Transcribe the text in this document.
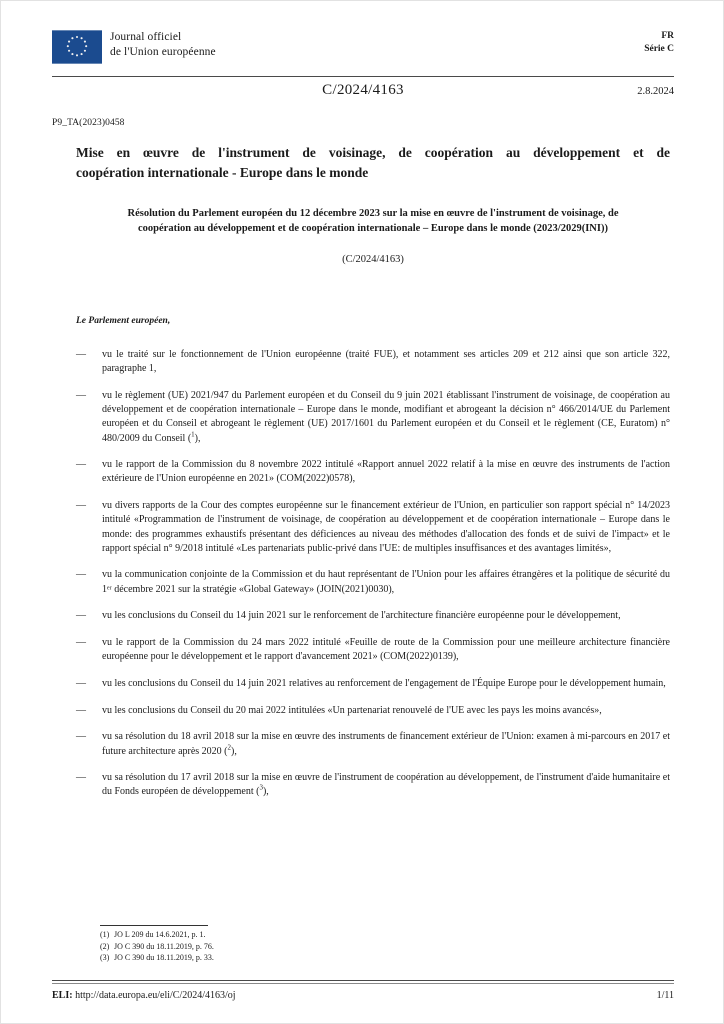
Journal officiel
de l'Union européenne
FR
Série C
C/2024/4163	2.8.2024
P9_TA(2023)0458
Mise en œuvre de l'instrument de voisinage, de coopération au développement et de
coopération internationale - Europe dans le monde
Résolution du Parlement européen du 12 décembre 2023 sur la mise en œuvre de l'instrument de voisinage, de
coopération au développement et de coopération internationale – Europe dans le monde (2023/2029(INI))
(C/2024/4163)
Le Parlement européen,
—	vu le traité sur le fonctionnement de l'Union européenne (traité FUE), et notamment ses articles 209 et 212 ainsi que son article 322, paragraphe 1,
—	vu le règlement (UE) 2021/947 du Parlement européen et du Conseil du 9 juin 2021 établissant l'instrument de voisinage, de coopération au développement et de coopération internationale – Europe dans le monde, modifiant et abrogeant la décision n° 466/2014/UE du Parlement européen et du Conseil et abrogeant le règlement (UE) 2017/1601 du Parlement européen et du Conseil et le règlement (CE, Euratom) n° 480/2009 du Conseil ($^1$),
—	vu le rapport de la Commission du 8 novembre 2022 intitulé «Rapport annuel 2022 relatif à la mise en œuvre des instruments de l'action extérieure de l'Union européenne en 2021» (COM(2022)0578),
—	vu divers rapports de la Cour des comptes européenne sur le financement extérieur de l'Union, en particulier son rapport spécial n° 14/2023 intitulé «Programmation de l'instrument de voisinage, de coopération au développement et de coopération internationale – Europe dans le monde: des programmes exhaustifs présentant des déficiences au niveau des méthodes d'allocation des fonds et de suivi de l'impact» et le rapport spécial n° 9/2018 intitulé «Les partenariats public-privé dans l'UE: de multiples insuffisances et des avantages limités»,
—	vu la communication conjointe de la Commission et du haut représentant de l'Union pour les affaires étrangères et la politique de sécurité du 1ᵉʳ décembre 2021 sur la stratégie «Global Gateway» (JOIN(2021)0030),
—	vu les conclusions du Conseil du 14 juin 2021 sur le renforcement de l'architecture financière européenne pour le développement,
—	vu le rapport de la Commission du 24 mars 2022 intitulé «Feuille de route de la Commission pour une meilleure architecture financière européenne pour le développement et le rapport d'avancement 2021» (COM(2022)0139),
—	vu les conclusions du Conseil du 14 juin 2021 relatives au renforcement de l'engagement de l'Équipe Europe pour le développement humain,
—	vu les conclusions du Conseil du 20 mai 2022 intitulées «Un partenariat renouvelé de l'UE avec les pays les moins avancés»,
—	vu sa résolution du 18 avril 2018 sur la mise en œuvre des instruments de financement extérieur de l'Union: examen à mi-parcours en 2017 et future architecture après 2020 ($^2$),
—	vu sa résolution du 17 avril 2018 sur la mise en œuvre de l'instrument de coopération au développement, de l'instrument d'aide humanitaire et du Fonds européen de développement ($^3$),
(1) JO L 209 du 14.6.2021, p. 1.
(2) JO C 390 du 18.11.2019, p. 76.
(3) JO C 390 du 18.11.2019, p. 33.
ELI: http://data.europa.eu/eli/C/2024/4163/oj	1/11
